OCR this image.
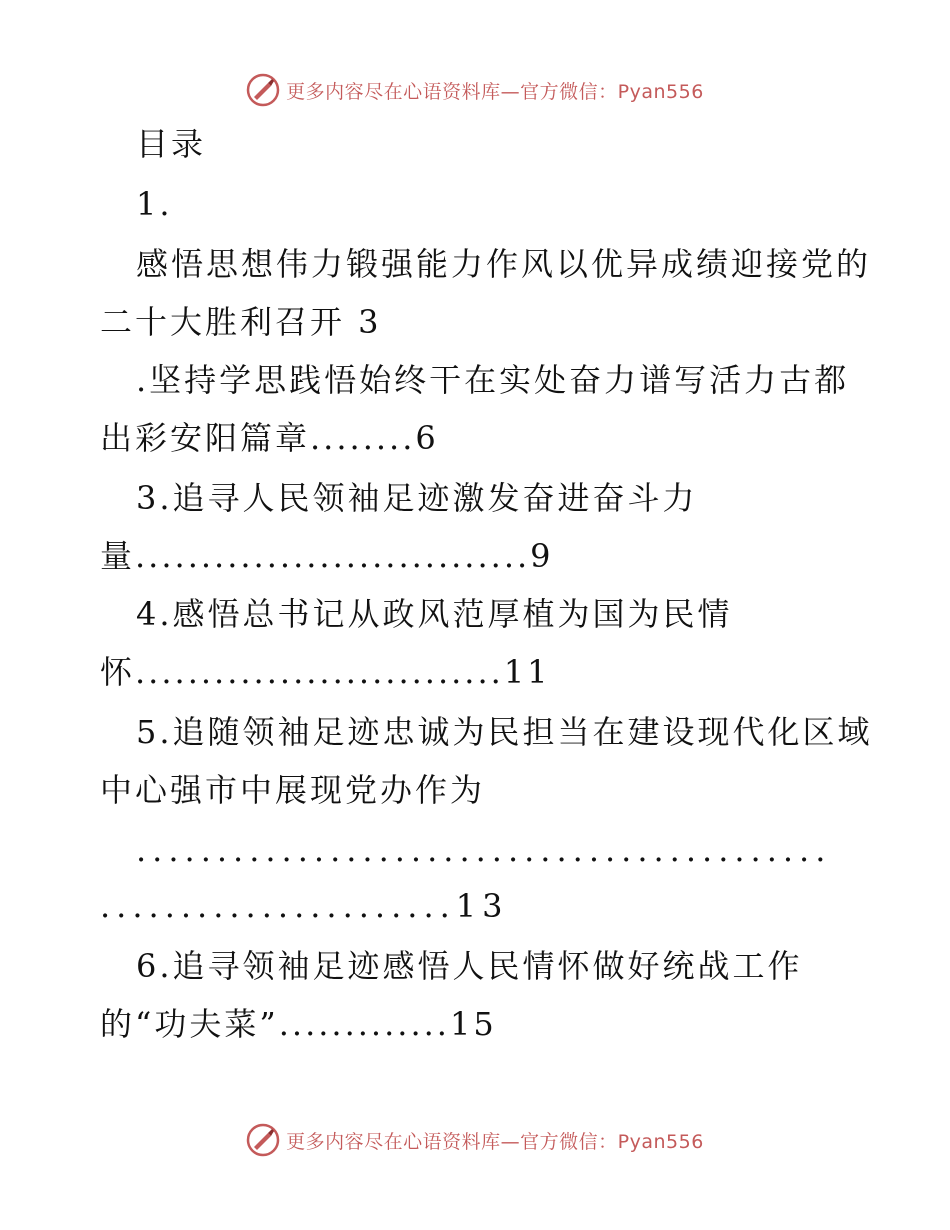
更多内容尽在心语资料库—官方微信：Pyan556
目录
1.
感悟思想伟力锻强能力作风以优异成绩迎接党的
二十大胜利召开 3
.坚持学思践悟始终干在实处奋力谱写活力古都
出彩安阳篇章........6
3.追寻人民领袖足迹激发奋进奋斗力
量..............................9
4.感悟总书记从政风范厚植为国为民情
怀............................11
5.追随领袖足迹忠诚为民担当在建设现代化区域
中心强市中展现党办作为
...........................................
......................13
6.追寻领袖足迹感悟人民情怀做好统战工作
的“功夫菜”.............15
更多内容尽在心语资料库—官方微信：Pyan556
